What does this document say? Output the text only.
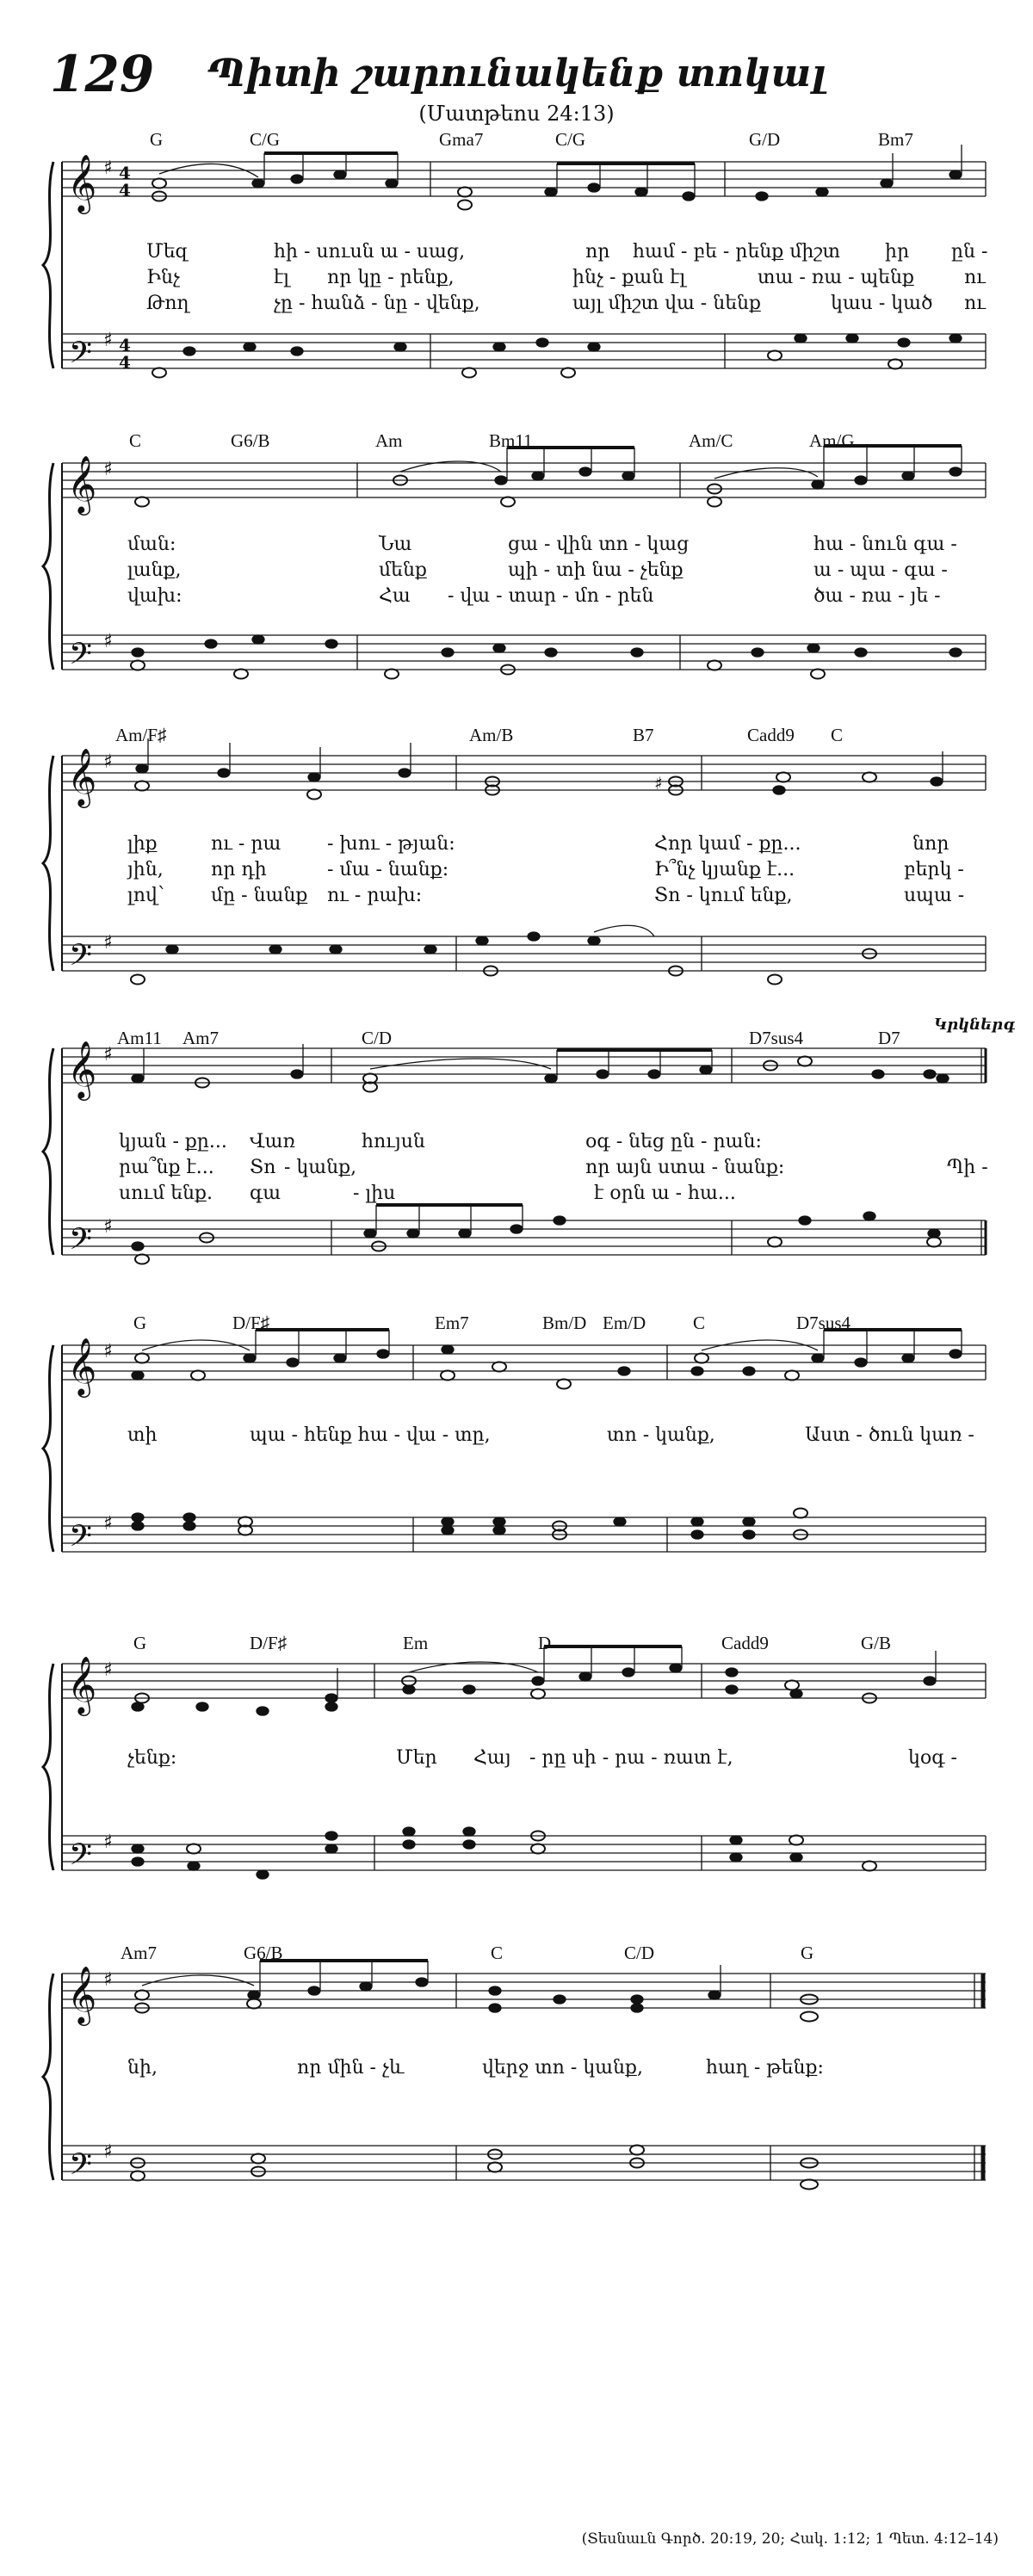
129	Պիտի շարունակենք տոկալ
(Մատթեոս 24:13)
𝄞
𝄢
♯
♯
4
4
4
4
G	C/G	Gma7	C/G	G/D	Bm7
Մեզ	հի - սուսն ա - սաց,	որ համ - բե - րենք միշտ իր ըն -
Ինչ	էլ որ կը - րենք,	ինչ - քան էլ	տա - ռա - պենք	ու
Թող	չը - հանձ - նը - վենք,	այլ միշտ վա - նենք	կաս - կած ու
𝄞
𝄢
♯
♯
C	G6/B	Am	Bm11	Am/C	Am/G
ման:	Նա	ցա - վին տո - կաց	հա - նուն գա -
լանք,	մենք	պի - տի նա - չենք	ա - պա - գա -
վախ:	Հա - վա - տար - մո - րեն	ծա - ռա - յե -
𝄞
𝄢
♯
♯
♯
Am/F♯	Am/B	B7	Cadd9 C
լիք	ու - րա - խու - թյան:	Հոր կամ - քը...	նոր
յին,	որ դի	- մա - նանք:	Ի՞նչ կյանք է...	բերկ -
լով՝ մը - նանք ու - րախ:	Տո - կում ենք,	սպա -
𝄞
𝄢
♯
♯
Am11 Am7	C/D	D7sus4	D7
Կրկներգ
կյան - քը... Վառ	հույսն	օգ - նեց ըն - րան:
րա՞նք է... Տո - կանք,	որ այն ստա - նանք:	Պի -
սում ենք. գա	- լիս	է օրն ա - հա...
𝄞
𝄢
♯
♯
G	D/F♯	Em7	Bm/D Em/D	C	D7sus4
տի	պա - հենք հա - վա - տը,	տո - կանք,	Աստ - ծուն կառ -
𝄞
𝄢
♯
♯
G	D/F♯	Em	D	Cadd9	G/B
չենք:	Մեր Հայ - րը սի - րա - ռատ է,	կօգ -
𝄞
𝄢
♯
♯
Am7	G6/B	C	C/D	G
նի,	որ մին - չև	վերջ տո - կանք,	հաղ - թենք:
(Տեսնաւն Գործ. 20:19, 20; Հակ. 1:12; 1 Պետ. 4:12–14)
